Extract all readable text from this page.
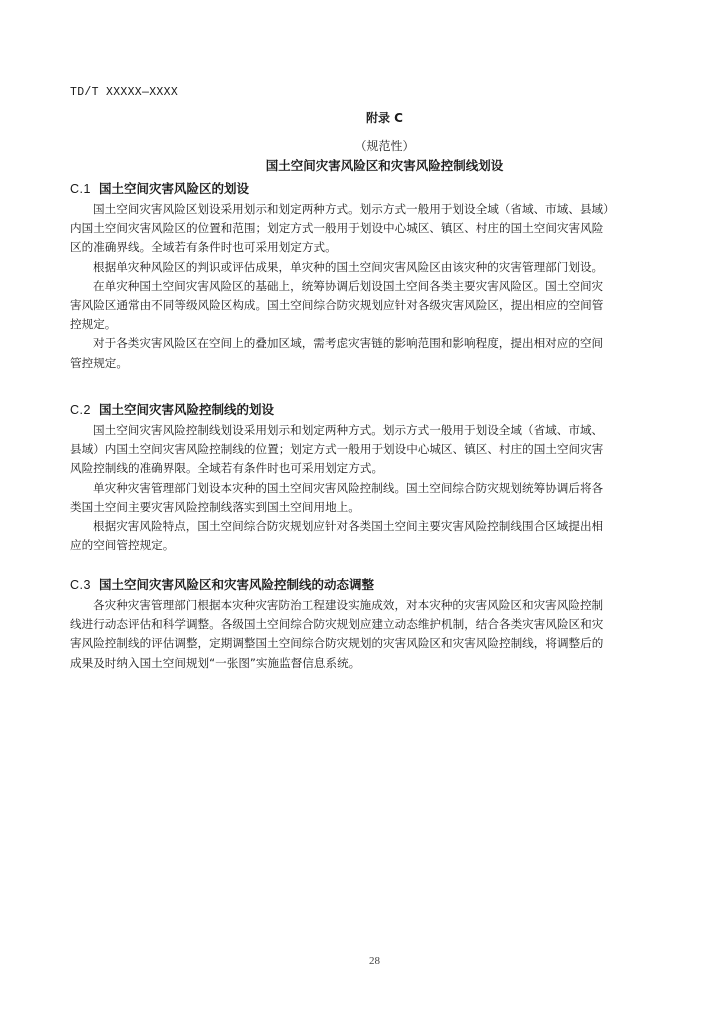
TD/T XXXXX—XXXX
附录 C
（规范性）
国土空间灾害风险区和灾害风险控制线划设
C.1 国土空间灾害风险区的划设

国土空间灾害风险区划设采用划示和划定两种方式。划示方式一般用于划设全域（省域、市域、县域）
内国土空间灾害风险区的位置和范围；划定方式一般用于划设中心城区、镇区、村庄的国土空间灾害风险
区的准确界线。全域若有条件时也可采用划定方式。

根据单灾种风险区的判识或评估成果，单灾种的国土空间灾害风险区由该灾种的灾害管理部门划设。

在单灾种国土空间灾害风险区的基础上，统筹协调后划设国土空间各类主要灾害风险区。国土空间灾
害风险区通常由不同等级风险区构成。国土空间综合防灾规划应针对各级灾害风险区，提出相应的空间管
控规定。

对于各类灾害风险区在空间上的叠加区域，需考虑灾害链的影响范围和影响程度，提出相对应的空间
管控规定。

C.2 国土空间灾害风险控制线的划设

国土空间灾害风险控制线划设采用划示和划定两种方式。划示方式一般用于划设全域（省域、市域、
县域）内国土空间灾害风险控制线的位置；划定方式一般用于划设中心城区、镇区、村庄的国土空间灾害
风险控制线的准确界限。全域若有条件时也可采用划定方式。

单灾种灾害管理部门划设本灾种的国土空间灾害风险控制线。国土空间综合防灾规划统筹协调后将各
类国土空间主要灾害风险控制线落实到国土空间用地上。

根据灾害风险特点，国土空间综合防灾规划应针对各类国土空间主要灾害风险控制线围合区域提出相
应的空间管控规定。

C.3 国土空间灾害风险区和灾害风险控制线的动态调整

各灾种灾害管理部门根据本灾种灾害防治工程建设实施成效，对本灾种的灾害风险区和灾害风险控制
线进行动态评估和科学调整。各级国土空间综合防灾规划应建立动态维护机制，结合各类灾害风险区和灾
害风险控制线的评估调整，定期调整国土空间综合防灾规划的灾害风险区和灾害风险控制线，将调整后的
成果及时纳入国土空间规划“一张图”实施监督信息系统。

28
